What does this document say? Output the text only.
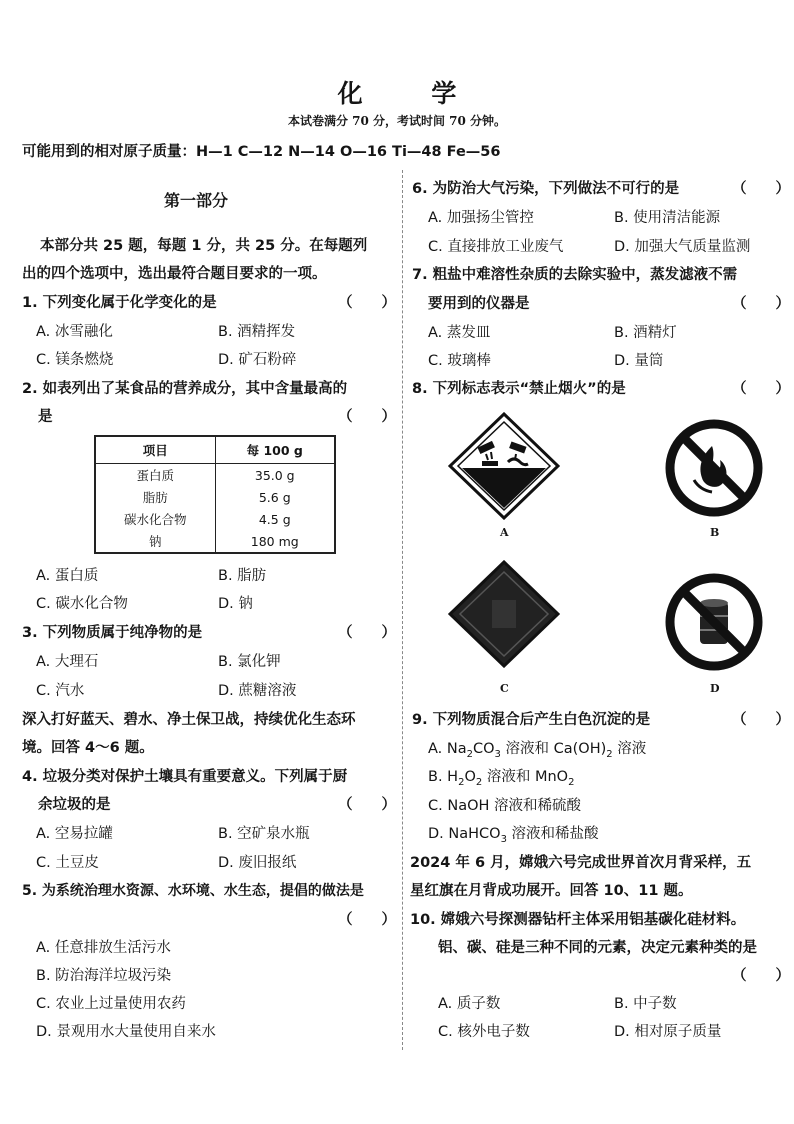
化 学
本试卷满分 70 分，考试时间 70 分钟。
可能用到的相对原子质量：H—1 C—12 N—14 O—16 Ti—48 Fe—56
第一部分
本部分共 25 题，每题 1 分，共 25 分。在每题列
出的四个选项中，选出最符合题目要求的一项。
1. 下列变化属于化学变化的是	（　　）
A. 冰雪融化	B. 酒精挥发
C. 镁条燃烧	D. 矿石粉碎
2. 如表列出了某食品的营养成分，其中含量最高的
是	（　　）
项目	每 100 g
蛋白质	35.0 g
脂肪	5.6 g
碳水化合物	4.5 g
钠	180 mg
A. 蛋白质	B. 脂肪
C. 碳水化合物	D. 钠
3. 下列物质属于纯净物的是	（　　）
A. 大理石	B. 氯化钾
C. 汽水	D. 蔗糖溶液
深入打好蓝天、碧水、净土保卫战，持续优化生态环
境。回答 4～6 题。
4. 垃圾分类对保护土壤具有重要意义。下列属于厨
余垃圾的是	（　　）
A. 空易拉罐	B. 空矿泉水瓶
C. 土豆皮	D. 废旧报纸
5. 为系统治理水资源、水环境、水生态，提倡的做法是
（　　）
A. 任意排放生活污水
B. 防治海洋垃圾污染
C. 农业上过量使用农药
D. 景观用水大量使用自来水
6. 为防治大气污染，下列做法不可行的是	（　　）
A. 加强扬尘管控	B. 使用清洁能源
C. 直接排放工业废气	D. 加强大气质量监测
7. 粗盐中难溶性杂质的去除实验中，蒸发滤液不需
要用到的仪器是	（　　）
A. 蒸发皿	B. 酒精灯
C. 玻璃棒	D. 量筒
8. 下列标志表示“禁止烟火”的是	（　　）
A	B
C	D
9. 下列物质混合后产生白色沉淀的是	（　　）
A. $Na_2CO_3$ 溶液和 $Ca(OH)_2$ 溶液
B. $H_2O_2$ 溶液和 MnO$_2$
C. NaOH 溶液和稀硫酸
D. NaHCO$_3$ 溶液和稀盐酸
2024 年 6 月，嫦娥六号完成世界首次月背采样，五
星红旗在月背成功展开。回答 10、11 题。
10. 嫦娥六号探测器钻杆主体采用铝基碳化硅材料。
铝、碳、硅是三种不同的元素，决定元素种类的是
（　　）
A. 质子数	B. 中子数
C. 核外电子数	D. 相对原子质量
